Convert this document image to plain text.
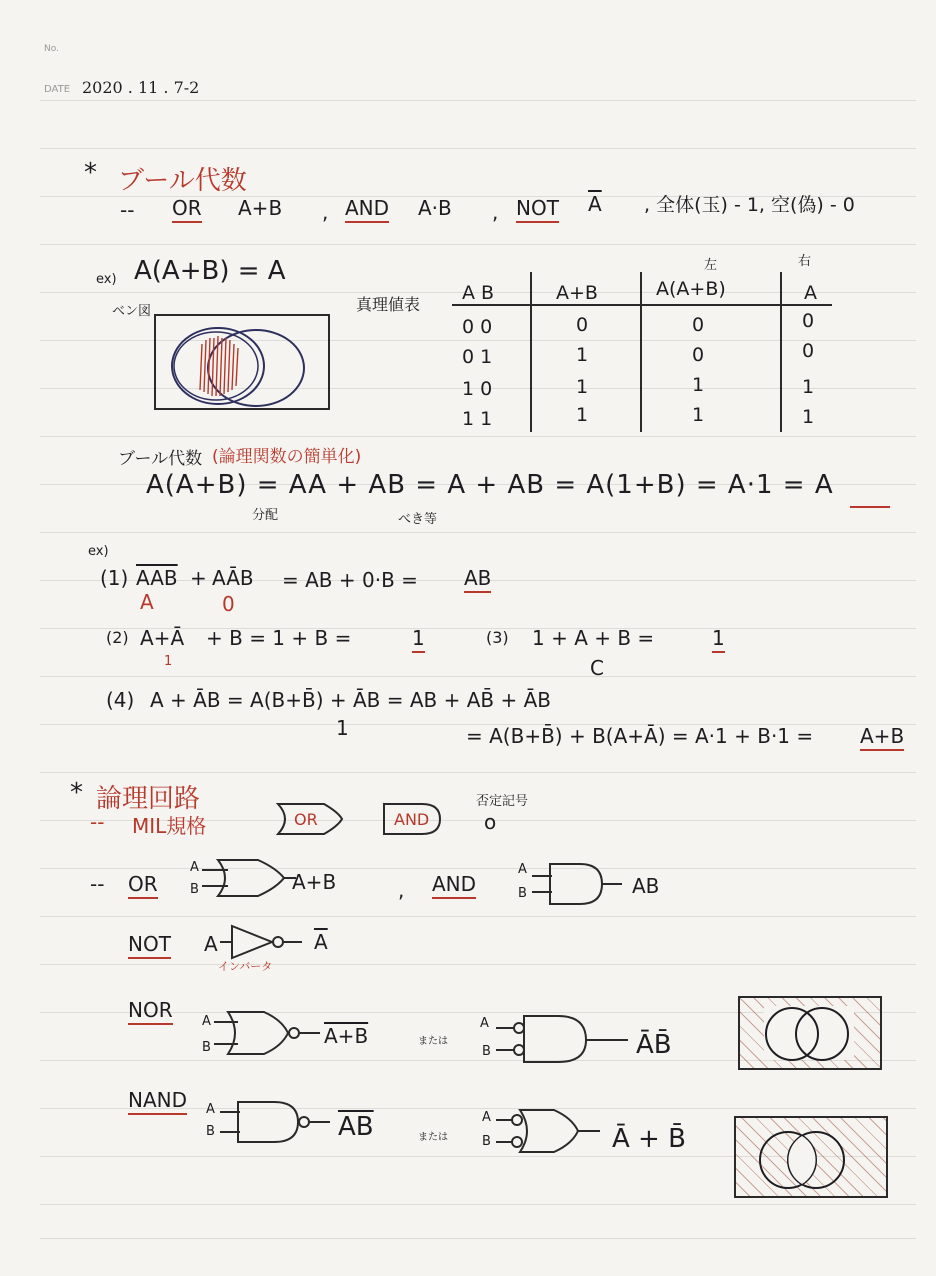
No.
DATE 2020 . 11 . 7-2
* ブール代数
-- OR A+B , AND A·B , NOT $\overline{A}$ , 全体(玉) - 1, 空(偽) - 0
ex) A(A+B) = A
ベン図	真理値表
左	右
A B	A+B	A(A+B)	A
0 0	0	0	0
0 1	1	0	0
1 0	1	1	1
1 1	1	1	1
ブール代数 (論理関数の簡単化)
A(A+B) = AA + AB = A + AB = A(1+B) = A·1 = A
分配	べき等
ex)
(1) $\overline{AAB}$ + AĀB = AB + 0·B =
A	0
AB
(2) A+Ā + B = 1 + B =
1
1	(3) 1 + A + B =
C
1
(4) A + ĀB = A(B+B̄) + ĀB = AB + AB̄ + ĀB
1	= A(B+B̄) + B(A+Ā) = A·1 + B·1 = A+B
* 論理回路	否定記号
-- MIL規格	OR	AND	o
-- OR
A
B	A+B	, AND
A
B	AB
NOT A	$\overline{A}$
インバータ
NOR A
B	A+B	または
A
B	ĀB̄
NAND A
B	$\overline{AB}$	または
A
B	Ā + B̄
